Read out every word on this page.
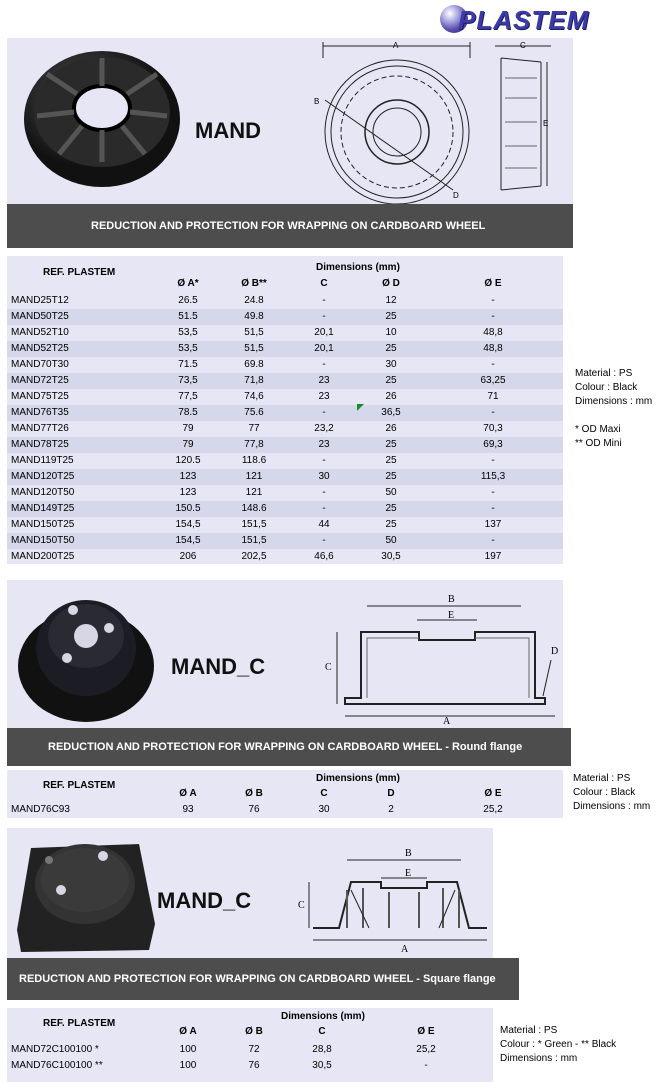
PLASTEM
MAND
A
B
C
D
E
REDUCTION AND PROTECTION FOR WRAPPING ON CARDBOARD WHEEL
REF. PLASTEM	Dimensions (mm)
Ø A*	Ø B**	C	Ø D	Ø E
MAND25T12	26.5	24.8	-	12	-
MAND50T25	51.5	49.8	-	25	-
MAND52T10	53,5	51,5	20,1	10	48,8
MAND52T25	53,5	51,5	20,1	25	48,8
MAND70T30	71.5	69.8	-	30	-
MAND72T25	73,5	71,8	23	25	63,25
MAND75T25	77,5	74,6	23	26	71
MAND76T35	78.5	75.6	-	36,5	-
MAND77T26	79	77	23,2	26	70,3
MAND78T25	79	77,8	23	25	69,3
MAND119T25	120.5	118.6	-	25	-
MAND120T25	123	121	30	25	115,3
MAND120T50	123	121	-	50	-
MAND149T25	150.5	148.6	-	25	-
MAND150T25	154,5	151,5	44	25	137
MAND150T50	154,5	151,5	-	50	-
MAND200T25	206	202,5	46,6	30,5	197
Material : PS
Colour : Black
Dimensions : mm
* OD Maxi
** OD Mini
MAND_C
B
E
C
D
A
REDUCTION AND PROTECTION FOR WRAPPING ON CARDBOARD WHEEL - Round flange
REF. PLASTEM
Dimensions (mm)
Ø A	Ø B	C	D	Ø E
MAND76C93	93	76	30	2	25,2
Material : PS
Colour : Black
Dimensions : mm
MAND_C
B
E
C
A
REDUCTION AND PROTECTION FOR WRAPPING ON CARDBOARD WHEEL - Square flange
REF. PLASTEM
Dimensions (mm)
Ø A	Ø B	C	Ø E
MAND72C100100 *	100	72	28,8	25,2
MAND76C100100 **	100	76	30,5	-
Material : PS
Colour : * Green - ** Black
Dimensions : mm
